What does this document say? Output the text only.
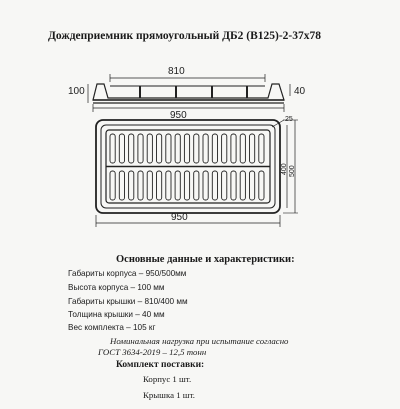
Дождеприемник прямоугольный ДБ2 (В125)-2-37х78
810
100	40
950	25
500
400
950
Основные данные и характеристики:
Габариты корпуса – 950/500мм
Высота корпуса – 100 мм
Габариты крышки – 810/400 мм
Толщина крышки – 40 мм
Вес комплекта – 105 кг
Номинальная нагрузка при испытание согласно
ГОСТ 3634-2019 – 12,5 тонн
Комплект поставки:
Корпус 1 шт.
Крышка 1 шт.
